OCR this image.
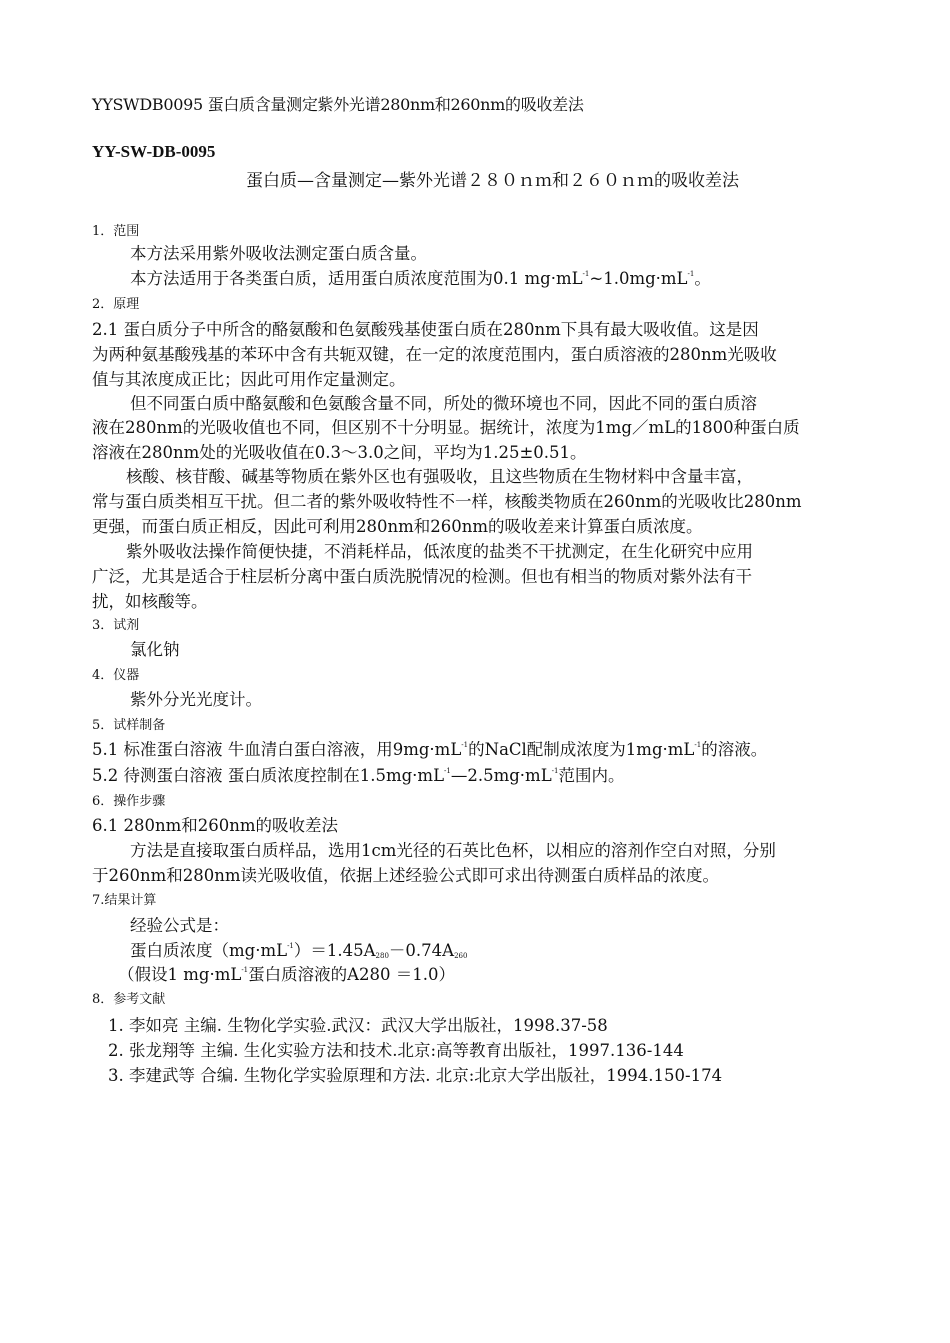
YYSWDB0095 蛋白质含量测定紫外光谱280nm和260nm的吸收差法
YY-SW-DB-0095
蛋白质—含量测定—紫外光谱２８０ｎｍ和２６０ｎｍ的吸收差法
1．范围
本方法采用紫外吸收法测定蛋白质含量。
本方法适用于各类蛋白质，适用蛋白质浓度范围为0.1 $mg\cdot mL^{-1}\sim 1.0mg\cdot mL^{-1}$。
2．原理
2.1 蛋白质分子中所含的酪氨酸和色氨酸残基使蛋白质在280nm下具有最大吸收值。这是因
为两种氨基酸残基的苯环中含有共轭双键，在一定的浓度范围内，蛋白质溶液的280nm光吸收
值与其浓度成正比；因此可用作定量测定。
但不同蛋白质中酪氨酸和色氨酸含量不同，所处的微环境也不同，因此不同的蛋白质溶
液在280nm的光吸收值也不同，但区别不十分明显。据统计，浓度为1mg／mL的1800种蛋白质
溶液在280nm处的光吸收值在0.3～3.0之间，平均为1.25±0.51。
核酸、核苷酸、碱基等物质在紫外区也有强吸收，且这些物质在生物材料中含量丰富，
常与蛋白质类相互干扰。但二者的紫外吸收特性不一样，核酸类物质在260nm的光吸收比280nm
更强，而蛋白质正相反，因此可利用280nm和260nm的吸收差来计算蛋白质浓度。
紫外吸收法操作简便快捷，不消耗样品，低浓度的盐类不干扰测定，在生化研究中应用
广泛，尤其是适合于柱层析分离中蛋白质洗脱情况的检测。但也有相当的物质对紫外法有干
扰，如核酸等。
3．试剂
氯化钠
4．仪器
紫外分光光度计。
5．试样制备
5.1 标准蛋白溶液 牛血清白蛋白溶液，用$9mg\cdot mL^{-1}$的NaCl配制成浓度为$1mg\cdot mL^{-1}$的溶液。
5.2 待测蛋白溶液 蛋白质浓度控制在$1.5mg\cdot mL^{-1}—2.5mg\cdot mL^{-1}$范围内。
6．操作步骤
6.1 280nm和260nm的吸收差法
方法是直接取蛋白质样品，选用1cm光径的石英比色杯，以相应的溶剂作空白对照，分别
于260nm和280nm读光吸收值，依据上述经验公式即可求出待测蛋白质样品的浓度。
7.结果计算
经验公式是：
蛋白质浓度$(mg\cdot mL^{-1})=1.45A_{280}-0.74A_{260}$
（假设1 $mg\cdot mL^{-1}$蛋白质溶液的A280 ＝1.0）
8．参考文献
1. 李如亮 主编. 生物化学实验.武汉：武汉大学出版社，1998.37-58
2. 张龙翔等 主编. 生化实验方法和技术.北京:高等教育出版社，1997.136-144
3. 李建武等 合编. 生物化学实验原理和方法. 北京:北京大学出版社，1994.150-174
